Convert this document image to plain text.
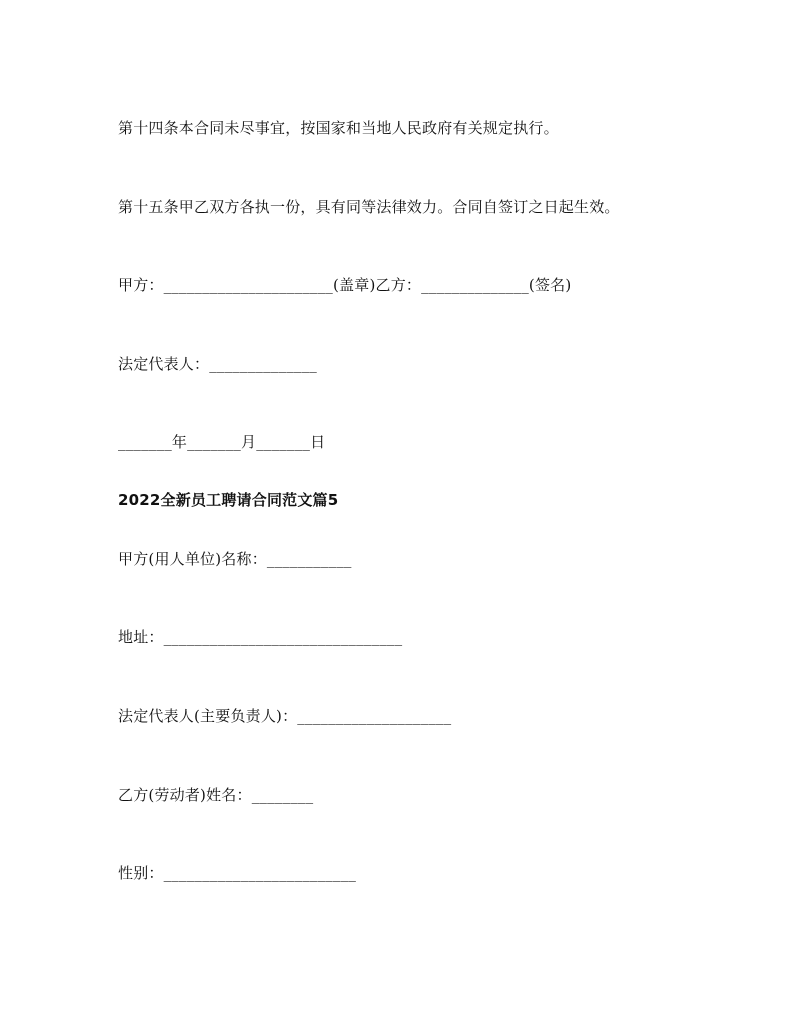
第十四条本合同未尽事宜，按国家和当地人民政府有关规定执行。
第十五条甲乙双方各执一份，具有同等法律效力。合同自签订之日起生效。
甲方：______________________(盖章)乙方：______________(签名)
法定代表人：______________
_______年_______月_______日
2022全新员工聘请合同范文篇5
甲方(用人单位)名称：___________
地址：_______________________________
法定代表人(主要负责人)：____________________
乙方(劳动者)姓名：________
性别：_________________________
